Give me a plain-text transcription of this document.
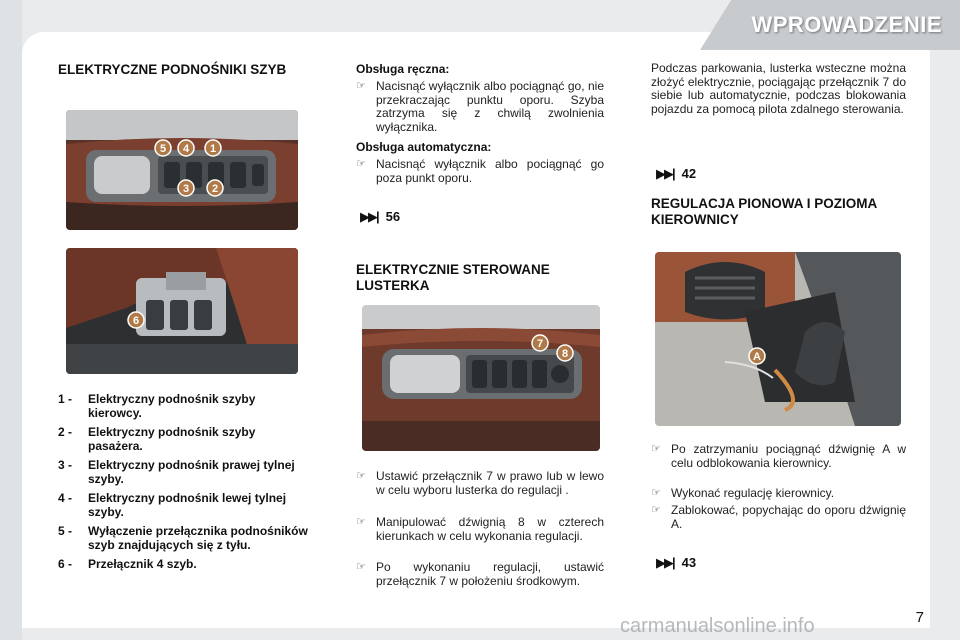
WPROWADZENIE
ELEKTRYCZNE PODNOŚNIKI SZYB
5 4 1
3 2
6
1 -	Elektryczny podnośnik szyby kierowcy.
2 -	Elektryczny podnośnik szyby pasażera.
3 -	Elektryczny podnośnik prawej tylnej szyby.
4 -	Elektryczny podnośnik lewej tylnej szyby.
5 -	Wyłączenie przełącznika podnośników szyb znajdujących się z tyłu.
6 -	Przełącznik 4 szyb.
Obsługa ręczna:
☞ Nacisnąć wyłącznik albo pociągnąć go, nie przekraczając punktu oporu. Szyba zatrzyma się z chwilą zwolnienia wyłącznika.
Obsługa automatyczna:
☞ Nacisnąć wyłącznik albo pociągnąć go poza punkt oporu.
▶▶| 56
ELEKTRYCZNIE STEROWANE LUSTERKA
7
8
☞ Ustawić przełącznik 7 w prawo lub w lewo w celu wyboru lusterka do regulacji .
☞ Manipulować dźwignią 8 w czterech kierunkach w celu wykonania regulacji.
☞ Po wykonaniu regulacji, ustawić przełącznik 7 w położeniu środkowym.
Podczas parkowania, lusterka wsteczne można złożyć elektrycznie, pociągając przełącznik 7 do siebie lub automatycznie, podczas blokowania pojazdu za pomocą pilota zdalnego sterowania.
▶▶| 42
REGULACJA PIONOWA I POZIOMA KIEROWNICY
A
☞ Po zatrzymaniu pociągnąć dźwignię A w celu odblokowania kierownicy.
☞ Wykonać regulację kierownicy.
☞ Zablokować, popychając do oporu dźwignię A.
▶▶| 43
carmanualsonline.info	7
